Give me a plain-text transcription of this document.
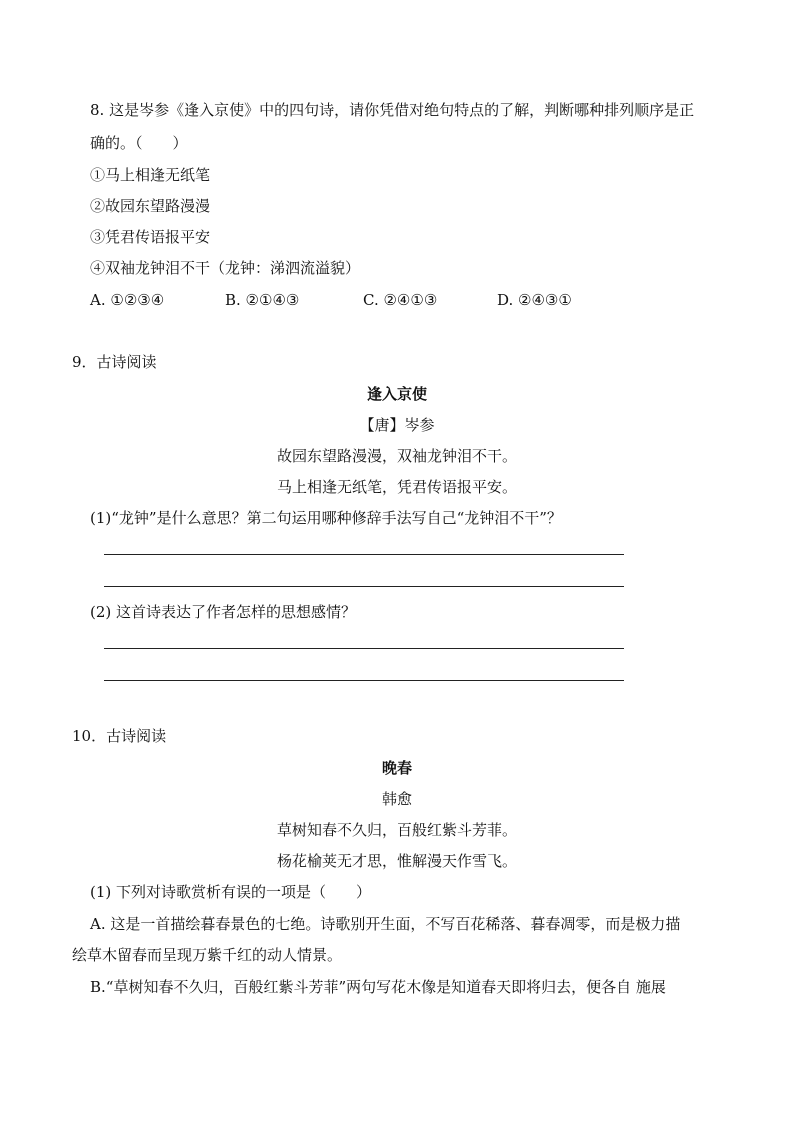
8. 这是岑参《逢入京使》中的四句诗，请你凭借对绝句特点的了解，判断哪种排列顺序是正
确的。（　　）
①马上相逢无纸笔
②故园东望路漫漫
③凭君传语报平安
④双袖龙钟泪不干（龙钟：涕泗流溢貌）
A. ①②③④	B. ②①④③	C. ②④①③	D. ②④③①
9．古诗阅读
逢入京使
【唐】岑参
故园东望路漫漫，双袖龙钟泪不干。
马上相逢无纸笔，凭君传语报平安。
(1)“龙钟”是什么意思？第二句运用哪种修辞手法写自己“龙钟泪不干”？
(2) 这首诗表达了作者怎样的思想感情？
10．古诗阅读
晚春
韩愈
草树知春不久归，百般红紫斗芳菲。
杨花榆荚无才思，惟解漫天作雪飞。
(1) 下列对诗歌赏析有误的一项是（　　）
A. 这是一首描绘暮春景色的七绝。诗歌别开生面，不写百花稀落、暮春凋零，而是极力描
绘草木留春而呈现万紫千红的动人情景。
B.“草树知春不久归，百般红紫斗芳菲”两句写花木像是知道春天即将归去，便各自 施展
